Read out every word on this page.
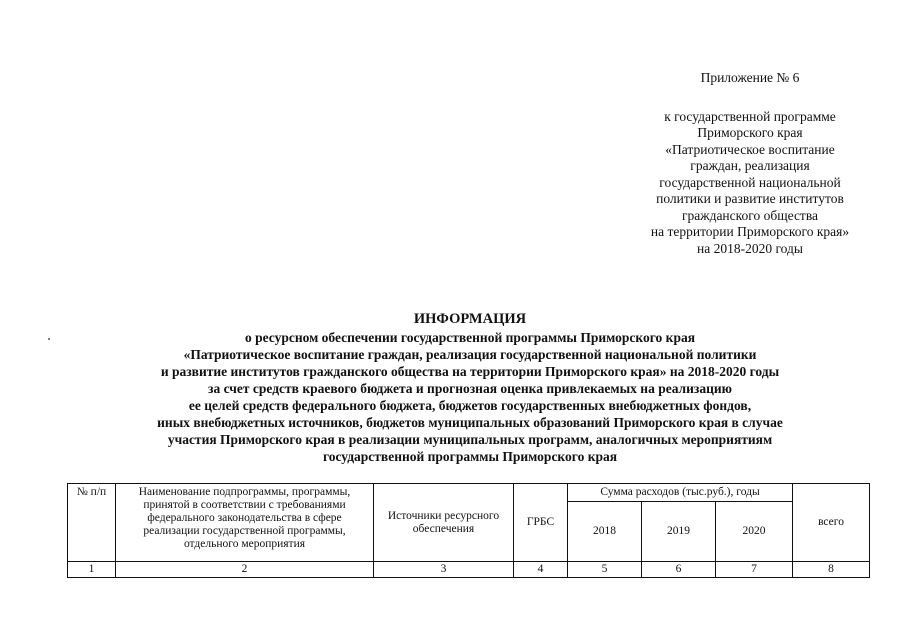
Приложение № 6
к государственной программе
Приморского края
«Патриотическое воспитание
граждан, реализация
государственной национальной
политики и развитие институтов
гражданского общества
на территории Приморского края»
на 2018-2020 годы
ИНФОРМАЦИЯ
о ресурсном обеспечении государственной программы Приморского края
«Патриотическое воспитание граждан, реализация государственной национальной политики
и развитие институтов гражданского общества на территории Приморского края» на 2018-2020 годы
за счет средств краевого бюджета и прогнозная оценка привлекаемых на реализацию
ее целей средств федерального бюджета, бюджетов государственных внебюджетных фондов,
иных внебюджетных источников, бюджетов муниципальных образований Приморского края в случае
участия Приморского края в реализации муниципальных программ, аналогичных мероприятиям
государственной программы Приморского края
№ п/п	Наименование подпрограммы, программы, принятой в соответствии с требованиями федерального законодательства в сфере реализации государственной программы, отдельного мероприятия	Источники ресурсного обеспечения	ГРБС	Сумма расходов (тыс.руб.), годы			всего
				2018	2019	2020	
1	2	3	4	5	6	7	8
